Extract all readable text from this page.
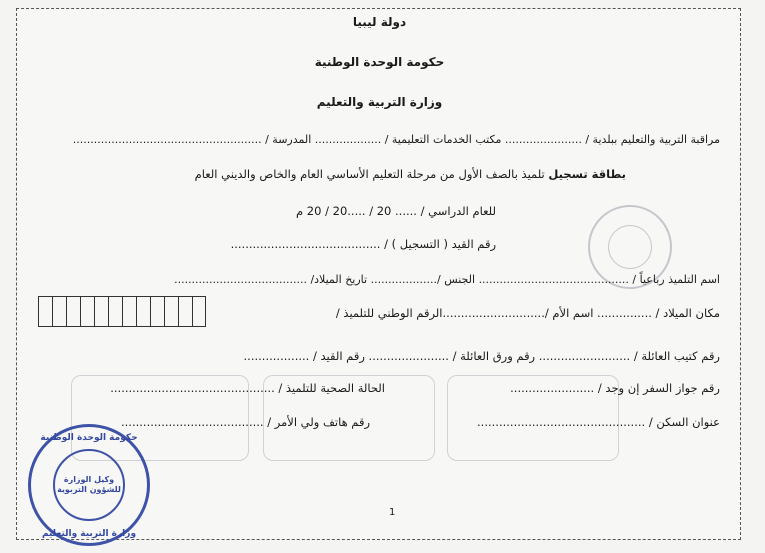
دولة ليبيا
حكومة الوحدة الوطنية
وزارة التربية والتعليم
مراقبة التربية والتعليم ببلدية / ...................... مكتب الخدمات التعليمية / ................... المدرسة / ......................................................
بطاقة تسجيل تلميذ بالصف الأول من مرحلة التعليم الأساسي العام والخاص والديني العام
للعام الدراسي / ...... 20 / .....20 / 20 م
رقم القيد ( التسجيل ) / .........................................
اسم التلميذ رباعياً / ........................................... الجنس /................... تاريخ الميلاد/ ......................................
مكان الميلاد / ............... اسم الأم /............................الرقم الوطني للتلميذ /
رقم كتيب العائلة / ......................... رقم ورق العائلة / ...................... رقم القيد / ..................
رقم جواز السفر إن وجد / .......................
الحالة الصحية للتلميذ / .............................................
عنوان السكن / ..............................................
رقم هاتف ولي الأمر / .......................................
1
حكومة الوحدة الوطنية
وكيل الوزارة للشؤون التربوية
وزارة التربية والتعليم
